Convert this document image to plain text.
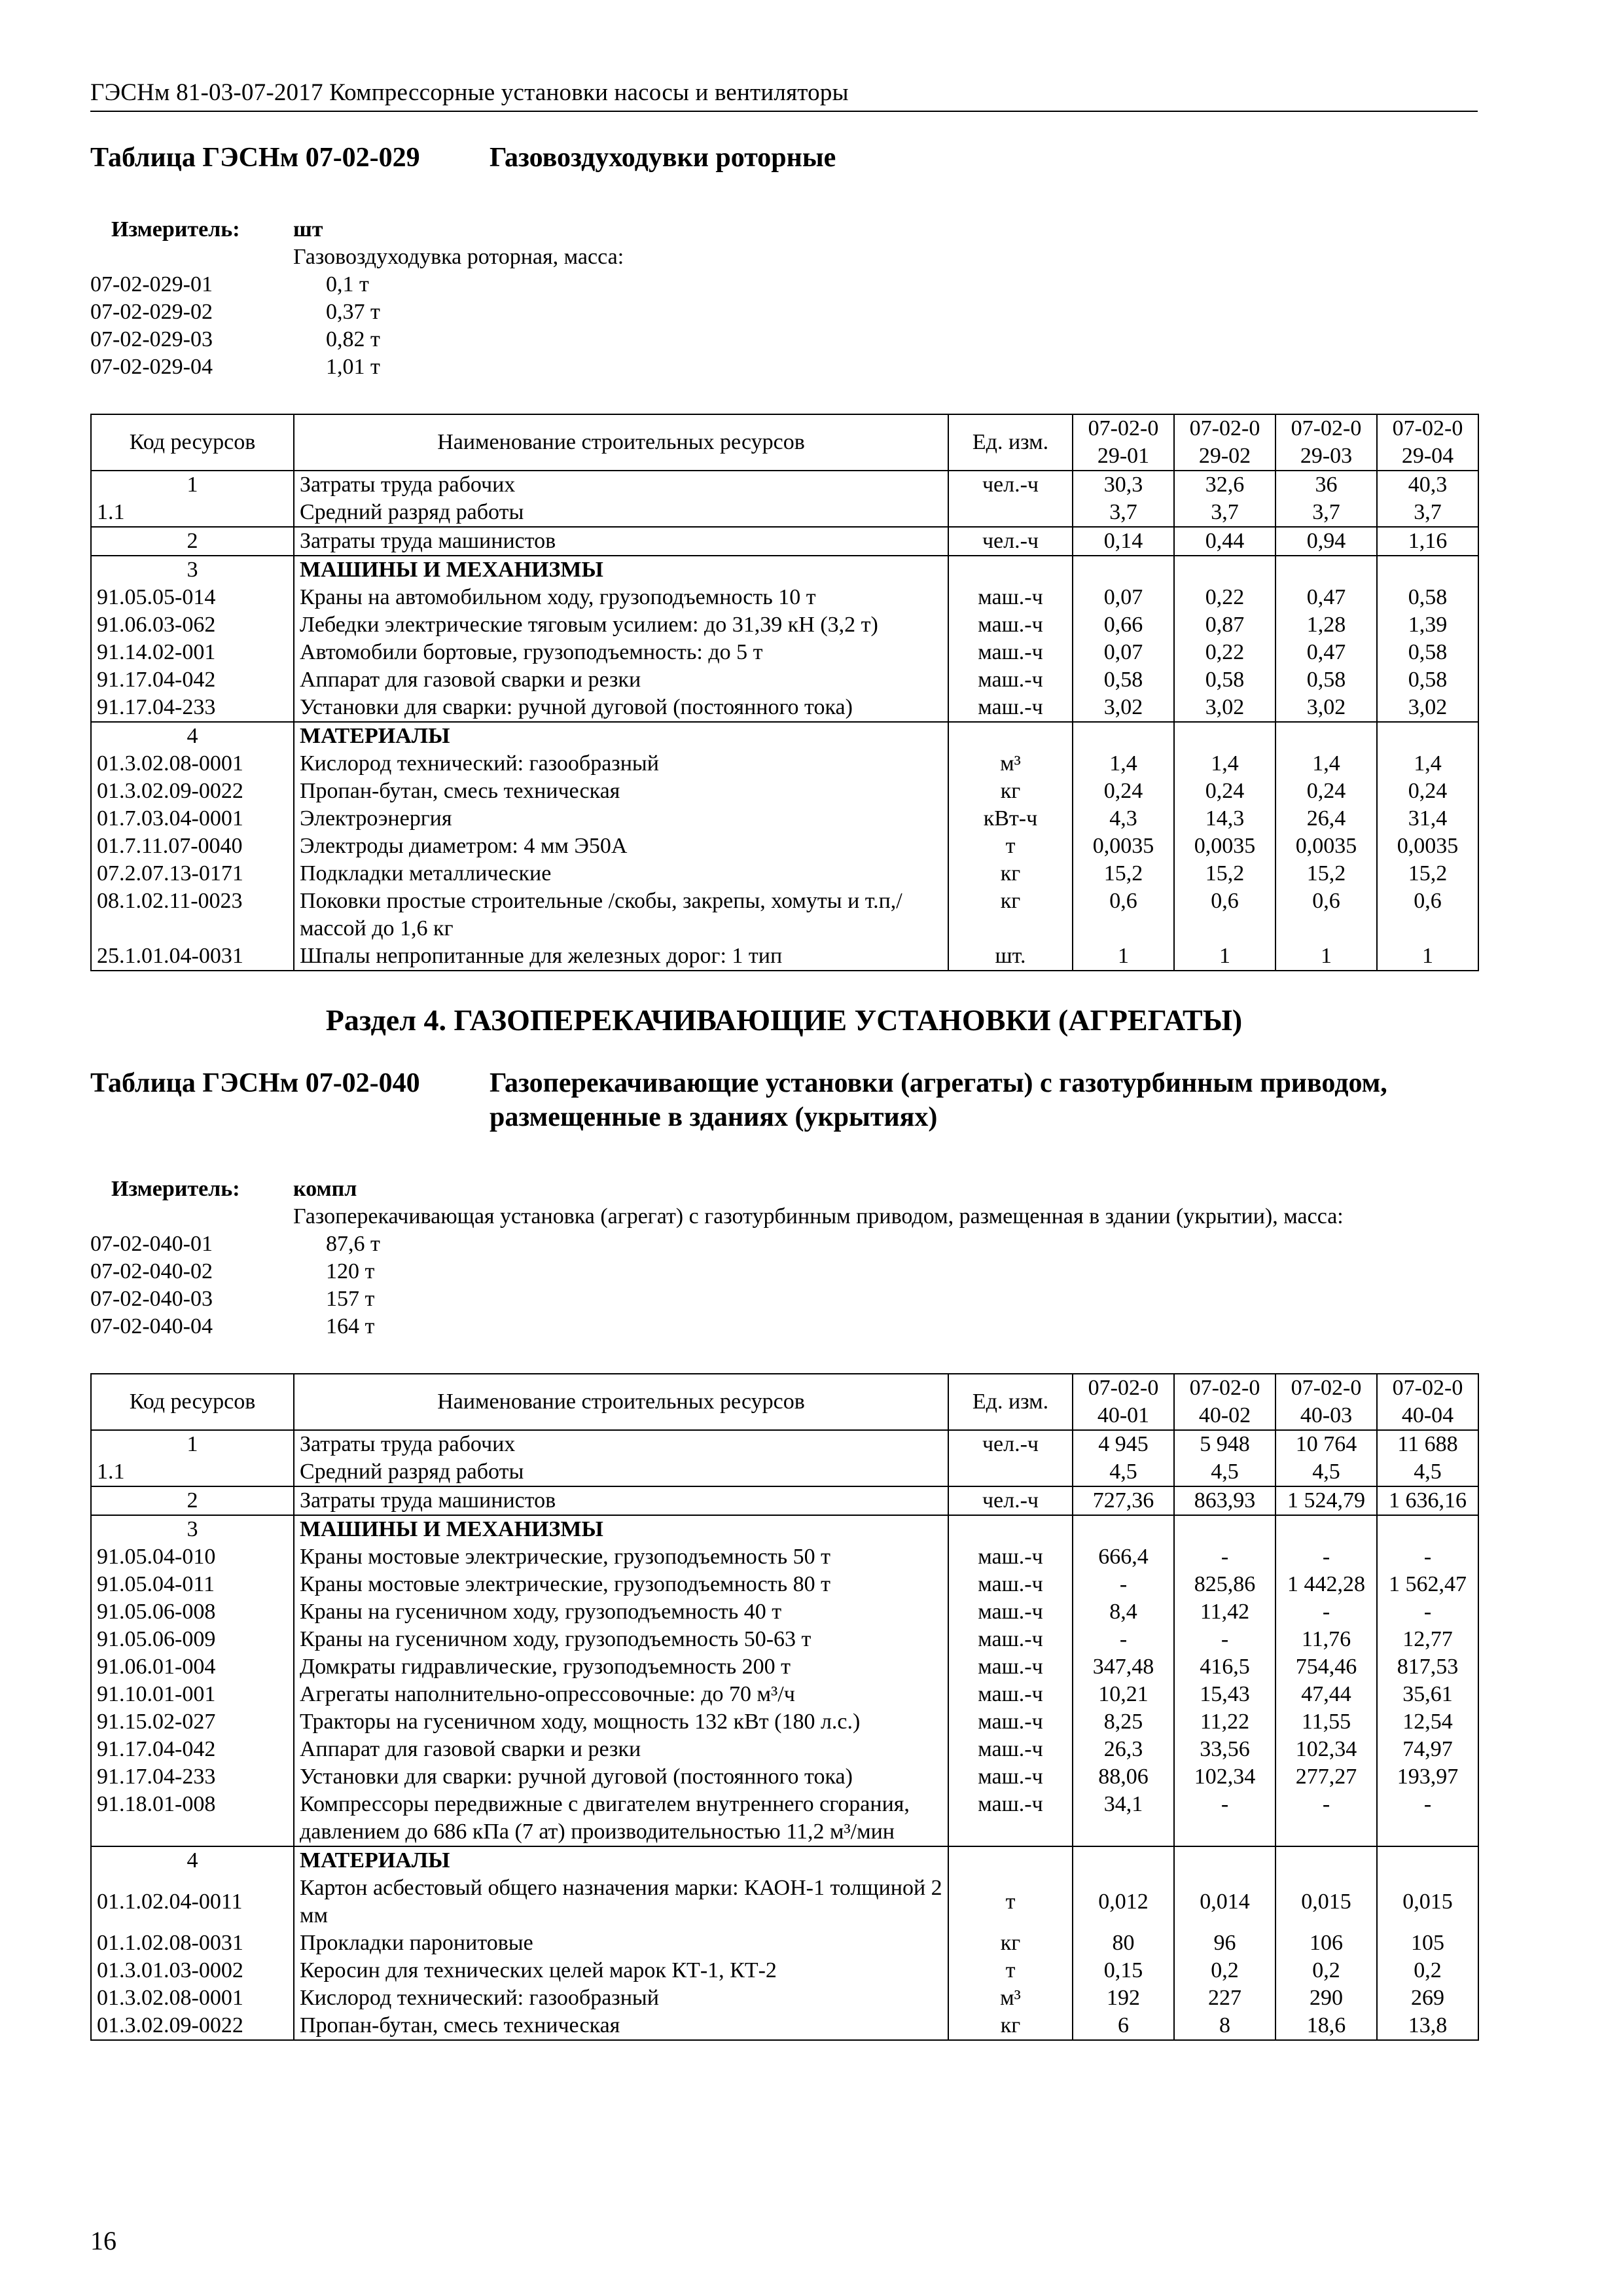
ГЭСНм 81-03-07-2017 Компрессорные установки насосы и вентиляторы
Таблица ГЭСНм 07-02-029	Газовоздуходувки роторные
Измеритель:	шт
Газовоздуходувка роторная, масса:
07-02-029-01	0,1 т
07-02-029-02	0,37 т
07-02-029-03	0,82 т
07-02-029-04	1,01 т
Код ресурсов	Наименование строительных ресурсов	Ед. изм.	07-02-029-01	07-02-029-02	07-02-029-03	07-02-029-04
1	Затраты труда рабочих	чел.-ч	30,3	32,6	36	40,3
1.1	Средний разряд работы		3,7	3,7	3,7	3,7
2	Затраты труда машинистов	чел.-ч	0,14	0,44	0,94	1,16
3	МАШИНЫ И МЕХАНИЗМЫ					
91.05.05-014	Краны на автомобильном ходу, грузоподъемность 10 т	маш.-ч	0,07	0,22	0,47	0,58
91.06.03-062	Лебедки электрические тяговым усилием: до 31,39 кН (3,2 т)	маш.-ч	0,66	0,87	1,28	1,39
91.14.02-001	Автомобили бортовые, грузоподъемность: до 5 т	маш.-ч	0,07	0,22	0,47	0,58
91.17.04-042	Аппарат для газовой сварки и резки	маш.-ч	0,58	0,58	0,58	0,58
91.17.04-233	Установки для сварки: ручной дуговой (постоянного тока)	маш.-ч	3,02	3,02	3,02	3,02
4	МАТЕРИАЛЫ					
01.3.02.08-0001	Кислород технический: газообразный	м³	1,4	1,4	1,4	1,4
01.3.02.09-0022	Пропан-бутан, смесь техническая	кг	0,24	0,24	0,24	0,24
01.7.03.04-0001	Электроэнергия	кВт-ч	4,3	14,3	26,4	31,4
01.7.11.07-0040	Электроды диаметром: 4 мм Э50А	т	0,0035	0,0035	0,0035	0,0035
07.2.07.13-0171	Подкладки металлические	кг	15,2	15,2	15,2	15,2
08.1.02.11-0023	Поковки простые строительные /скобы, закрепы, хомуты и т.п,/ массой до 1,6 кг	кг	0,6	0,6	0,6	0,6
25.1.01.04-0031	Шпалы непропитанные для железных дорог: 1 тип	шт.	1	1	1	1
Раздел 4. ГАЗОПЕРЕКАЧИВАЮЩИЕ УСТАНОВКИ (АГРЕГАТЫ)
Таблица ГЭСНм 07-02-040	Газоперекачивающие установки (агрегаты) с газотурбинным приводом, размещенные в зданиях (укрытиях)
Измеритель:	компл
Газоперекачивающая установка (агрегат) с газотурбинным приводом, размещенная в здании (укрытии), масса:
07-02-040-01	87,6 т
07-02-040-02	120 т
07-02-040-03	157 т
07-02-040-04	164 т
Код ресурсов	Наименование строительных ресурсов	Ед. изм.	07-02-040-01	07-02-040-02	07-02-040-03	07-02-040-04
1	Затраты труда рабочих	чел.-ч	4 945	5 948	10 764	11 688
1.1	Средний разряд работы		4,5	4,5	4,5	4,5
2	Затраты труда машинистов	чел.-ч	727,36	863,93	1 524,79	1 636,16
3	МАШИНЫ И МЕХАНИЗМЫ					
91.05.04-010	Краны мостовые электрические, грузоподъемность 50 т	маш.-ч	666,4	-	-	-
91.05.04-011	Краны мостовые электрические, грузоподъемность 80 т	маш.-ч	-	825,86	1 442,28	1 562,47
91.05.06-008	Краны на гусеничном ходу, грузоподъемность 40 т	маш.-ч	8,4	11,42	-	-
91.05.06-009	Краны на гусеничном ходу, грузоподъемность 50-63 т	маш.-ч	-	-	11,76	12,77
91.06.01-004	Домкраты гидравлические, грузоподъемность 200 т	маш.-ч	347,48	416,5	754,46	817,53
91.10.01-001	Агрегаты наполнительно-опрессовочные: до 70 м³/ч	маш.-ч	10,21	15,43	47,44	35,61
91.15.02-027	Тракторы на гусеничном ходу, мощность 132 кВт (180 л.с.)	маш.-ч	8,25	11,22	11,55	12,54
91.17.04-042	Аппарат для газовой сварки и резки	маш.-ч	26,3	33,56	102,34	74,97
91.17.04-233	Установки для сварки: ручной дуговой (постоянного тока)	маш.-ч	88,06	102,34	277,27	193,97
91.18.01-008	Компрессоры передвижные с двигателем внутреннего сгорания, давлением до 686 кПа (7 ат) производительностью 11,2 м³/мин	маш.-ч	34,1	-	-	-
4	МАТЕРИАЛЫ					
01.1.02.04-0011	Картон асбестовый общего назначения марки: КАОН-1 толщиной 2 мм	т	0,012	0,014	0,015	0,015
01.1.02.08-0031	Прокладки паронитовые	кг	80	96	106	105
01.3.01.03-0002	Керосин для технических целей марок КТ-1, КТ-2	т	0,15	0,2	0,2	0,2
01.3.02.08-0001	Кислород технический: газообразный	м³	192	227	290	269
01.3.02.09-0022	Пропан-бутан, смесь техническая	кг	6	8	18,6	13,8
16
